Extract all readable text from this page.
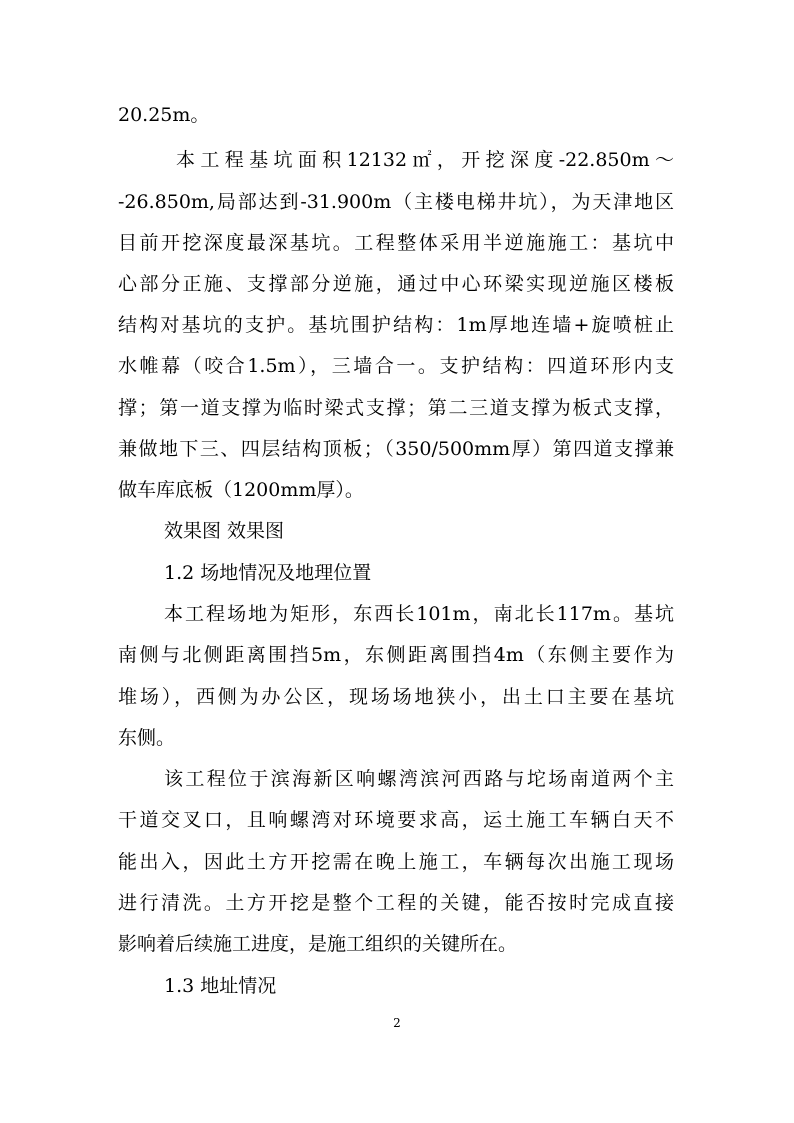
20.25m。

本工程基坑面积12132㎡，开挖深度-22.850m～

-26.850m,局部达到-31.900m（主楼电梯井坑），为天津地区

目前开挖深度最深基坑。工程整体采用半逆施施工：基坑中

心部分正施、支撑部分逆施，通过中心环梁实现逆施区楼板

结构对基坑的支护。基坑围护结构：1m厚地连墙+旋喷桩止

水帷幕（咬合1.5m），三墙合一。支护结构：四道环形内支

撑；第一道支撑为临时梁式支撑；第二三道支撑为板式支撑，

兼做地下三、四层结构顶板；（350/500mm厚）第四道支撑兼

做车库底板（1200mm厚）。

效果图 效果图

1.2 场地情况及地理位置

本工程场地为矩形，东西长101m，南北长117m。基坑

南侧与北侧距离围挡5m，东侧距离围挡4m（东侧主要作为

堆场），西侧为办公区，现场场地狭小，出土口主要在基坑

东侧。

该工程位于滨海新区响螺湾滨河西路与坨场南道两个主

干道交叉口，且响螺湾对环境要求高，运土施工车辆白天不

能出入，因此土方开挖需在晚上施工，车辆每次出施工现场

进行清洗。土方开挖是整个工程的关键，能否按时完成直接

影响着后续施工进度，是施工组织的关键所在。

1.3 地址情况

2
